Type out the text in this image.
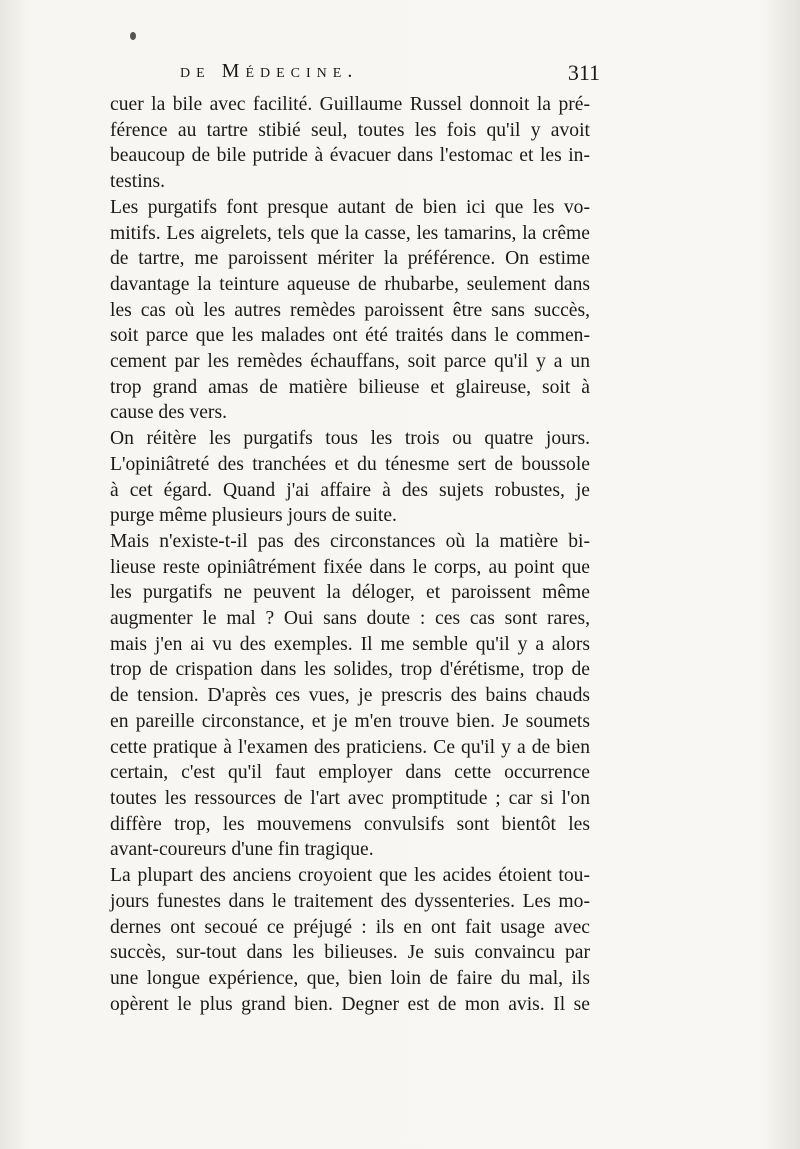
de Médecine.	311

cuer la bile avec facilité. Guillaume Russel donnoit la pré-
férence au tartre stibié seul, toutes les fois qu'il y avoit
beaucoup de bile putride à évacuer dans l'estomac et les in-
testins.

Les purgatifs font presque autant de bien ici que les vo-
mitifs. Les aigrelets, tels que la casse, les tamarins, la crême
de tartre, me paroissent mériter la préférence. On estime
davantage la teinture aqueuse de rhubarbe, seulement dans
les cas où les autres remèdes paroissent être sans succès,
soit parce que les malades ont été traités dans le commen-
cement par les remèdes échauffans, soit parce qu'il y a un
trop grand amas de matière bilieuse et glaireuse, soit à
cause des vers.

On réitère les purgatifs tous les trois ou quatre jours.
L'opiniâtreté des tranchées et du ténesme sert de boussole
à cet égard. Quand j'ai affaire à des sujets robustes, je
purge même plusieurs jours de suite.

Mais n'existe-t-il pas des circonstances où la matière bi-
lieuse reste opiniâtrément fixée dans le corps, au point que
les purgatifs ne peuvent la déloger, et paroissent même
augmenter le mal ? Oui sans doute : ces cas sont rares,
mais j'en ai vu des exemples. Il me semble qu'il y a alors
trop de crispation dans les solides, trop d'érétisme, trop de
de tension. D'après ces vues, je prescris des bains chauds
en pareille circonstance, et je m'en trouve bien. Je soumets
cette pratique à l'examen des praticiens. Ce qu'il y a de bien
certain, c'est qu'il faut employer dans cette occurrence
toutes les ressources de l'art avec promptitude ; car si l'on
diffère trop, les mouvemens convulsifs sont bientôt les
avant-coureurs d'une fin tragique.

La plupart des anciens croyoient que les acides étoient tou-
jours funestes dans le traitement des dyssenteries. Les mo-
dernes ont secoué ce préjugé : ils en ont fait usage avec
succès, sur-tout dans les bilieuses. Je suis convaincu par
une longue expérience, que, bien loin de faire du mal, ils
opèrent le plus grand bien. Degner est de mon avis. Il se
